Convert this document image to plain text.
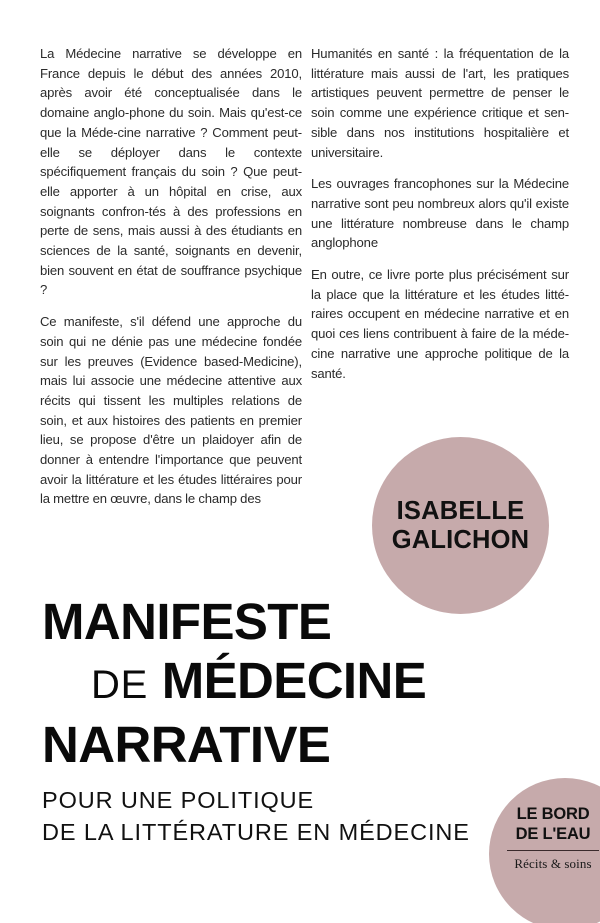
La Médecine narrative se développe en France depuis le début des années 2010, après avoir été conceptualisée dans le domaine anglo-phone du soin. Mais qu'est-ce que la Méde-cine narrative ? Comment peut-elle se déployer dans le contexte spécifiquement français du soin ? Que peut-elle apporter à un hôpital en crise, aux soignants confron-tés à des professions en perte de sens, mais aussi à des étudiants en sciences de la santé, soignants en devenir, bien souvent en état de souffrance psychique ?

Ce manifeste, s'il défend une approche du soin qui ne dénie pas une médecine fondée sur les preuves (Evidence based-Medicine), mais lui associe une médecine attentive aux récits qui tissent les multiples relations de soin, et aux histoires des patients en premier lieu, se propose d'être un plaidoyer afin de donner à entendre l'importance que peuvent avoir la littérature et les études littéraires pour la mettre en œuvre, dans le champ des

Humanités en santé : la fréquentation de la littérature mais aussi de l'art, les pratiques artistiques peuvent permettre de penser le soin comme une expérience critique et sen-sible dans nos institutions hospitalière et universitaire.

Les ouvrages francophones sur la Médecine narrative sont peu nombreux alors qu'il existe une littérature nombreuse dans le champ anglophone

En outre, ce livre porte plus précisément sur la place que la littérature et les études litté-raires occupent en médecine narrative et en quoi ces liens contribuent à faire de la méde-cine narrative une approche politique de la santé.

ISABELLE
GALICHON
MANIFESTE
DE MÉDECINE
NARRATIVE
POUR UNE POLITIQUE
DE LA LITTÉRATURE EN MÉDECINE
LE BORD
DE L'EAU
Récits & soins
